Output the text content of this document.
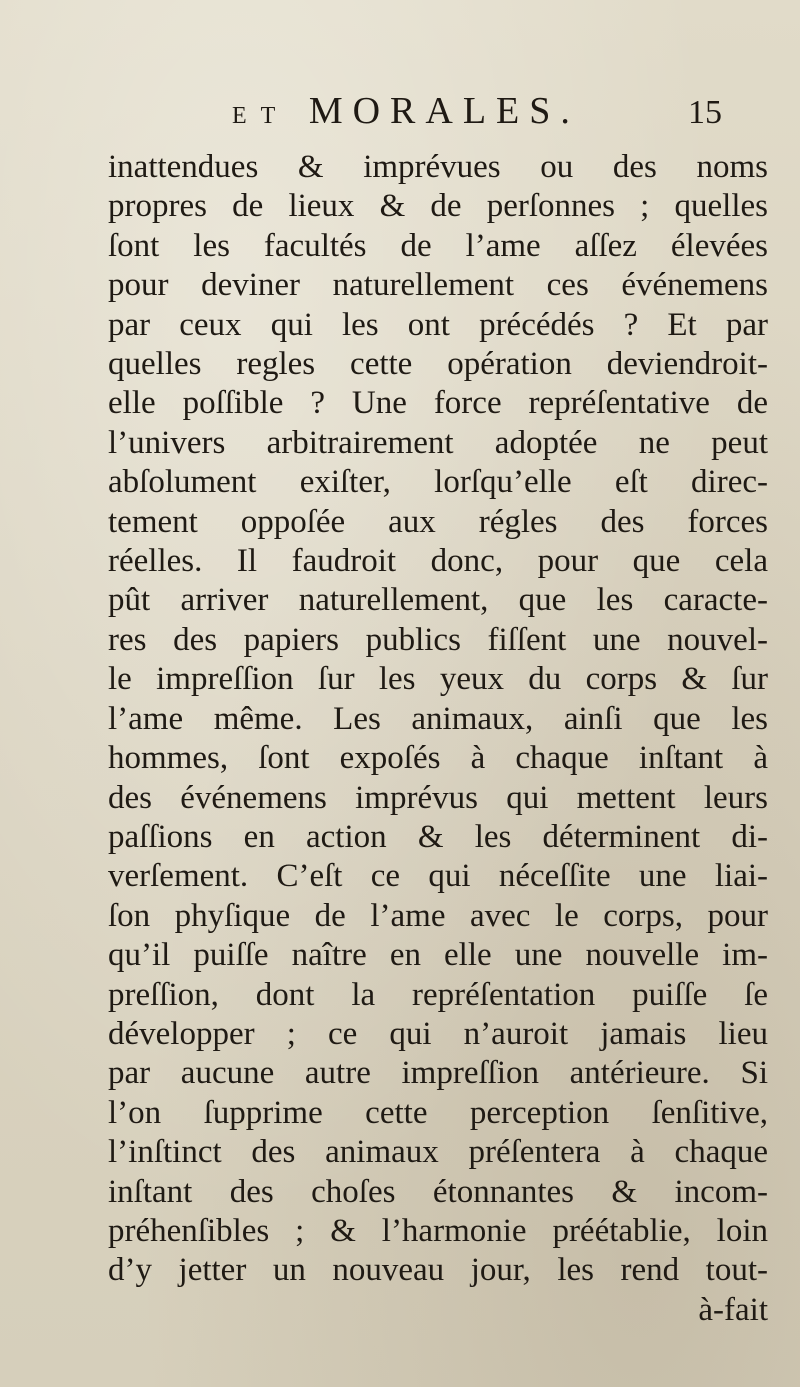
ET MORALES.	15
inattendues & imprévues ou des noms
propres de lieux & de perſonnes ; quelles
ſont les facultés de l’ame aſſez élevées
pour deviner naturellement ces événemens
par ceux qui les ont précédés ? Et par
quelles regles cette opération deviendroit-
elle poſſible ? Une force repréſentative de
l’univers arbitrairement adoptée ne peut
abſolument exiſter, lorſqu’elle eſt direc-
tement oppoſée aux régles des forces
réelles. Il faudroit donc, pour que cela
pût arriver naturellement, que les caracte-
res des papiers publics fiſſent une nouvel-
le impreſſion ſur les yeux du corps & ſur
l’ame même. Les animaux, ainſi que les
hommes, ſont expoſés à chaque inſtant à
des événemens imprévus qui mettent leurs
paſſions en action & les déterminent di-
verſement. C’eſt ce qui néceſſite une liai-
ſon phyſique de l’ame avec le corps, pour
qu’il puiſſe naître en elle une nouvelle im-
preſſion, dont la repréſentation puiſſe ſe
développer ; ce qui n’auroit jamais lieu
par aucune autre impreſſion antérieure. Si
l’on ſupprime cette perception ſenſitive,
l’inſtinct des animaux préſentera à chaque
inſtant des choſes étonnantes & incom-
préhenſibles ; & l’harmonie préétablie, loin
d’y jetter un nouveau jour, les rend tout-
à-fait
